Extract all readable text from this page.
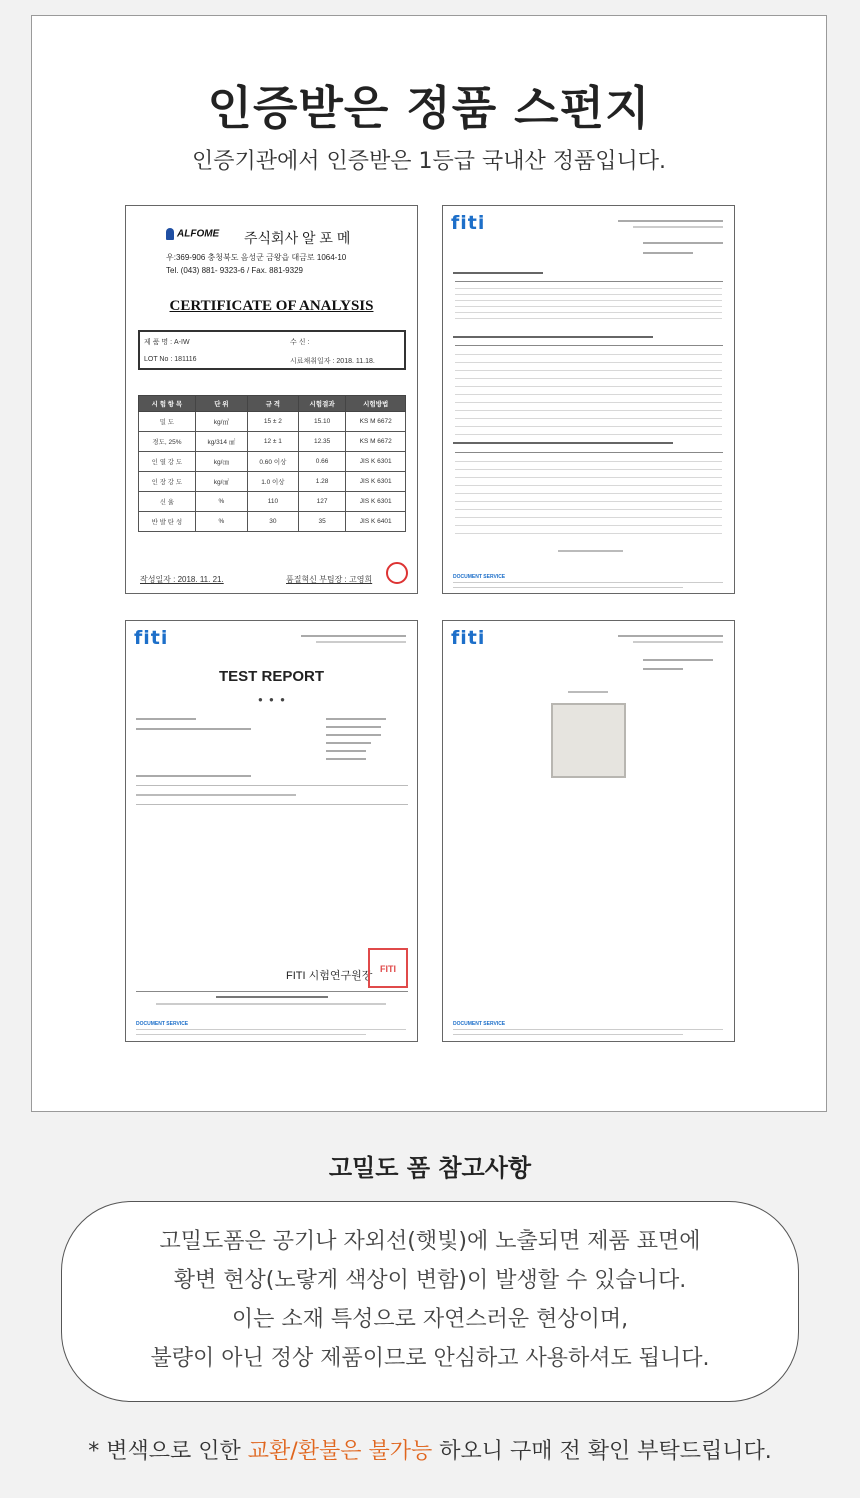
인증받은 정품 스펀지
인증기관에서 인증받은 1등급 국내산 정품입니다.
ALFOME 주식회사 알 포 메
우:369-906 충청북도 음성군 금왕읍 대금로 1064-10
Tel. (043) 881- 9323-6 / Fax. 881-9329
CERTIFICATE OF ANALYSIS
제 품 명 : A-IW	수 신 :
LOT No : 181116	시료채취일자 : 2018. 11.18.
시 험 항 목	단 위	규 격	시험결과	시험방법
밀 도	kg/㎥	15 ± 2	15.10	KS M 6672
경도, 25%	kg/314 ㎠	12 ± 1	12.35	KS M 6672
인 열 강 도	kg/㎝	0.60 이상	0.66	JIS K 6301
인 장 강 도	kg/㎠	1.0 이상	1.28	JIS K 6301
신 율	%	110	127	JIS K 6301
반 발 탄 성	%	30	35	JIS K 6401
작성일자 : 2018. 11. 21.	품질혁신 부팀장 : 고영희
fiti
DOCUMENT SERVICE
fiti
TEST REPORT
● ● ●
FITI 시험연구원장
FITI
DOCUMENT SERVICE
fiti
DOCUMENT SERVICE
고밀도 폼 참고사항

고밀도폼은 공기나 자외선(햇빛)에 노출되면 제품 표면에

황변 현상(노랗게 색상이 변함)이 발생할 수 있습니다.

이는 소재 특성으로 자연스러운 현상이며,

불량이 아닌 정상 제품이므로 안심하고 사용하셔도 됩니다.

* 변색으로 인한 교환/환불은 불가능 하오니 구매 전 확인 부탁드립니다.
